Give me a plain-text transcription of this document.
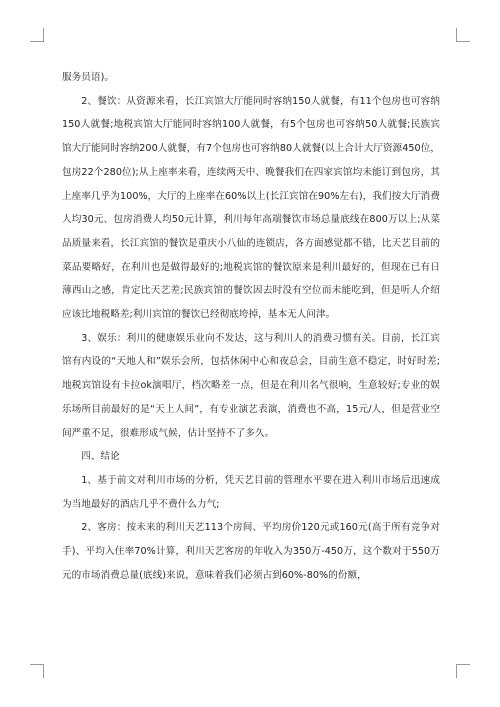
服务员语)。

2、餐饮：从资源来看，长江宾馆大厅能同时容纳150人就餐，有11个包房也可容纳150人就餐;地税宾馆大厅能同时容纳100人就餐，有5个包房也可容纳50人就餐;民族宾馆大厅能同时容纳200人就餐，有7个包房也可容纳80人就餐(以上合计大厅资源450位，包房22个280位);从上座率来看，连续两天中、晚餐我们在四家宾馆均未能订到包房，其上座率几乎为100%，大厅的上座率在60%以上(长江宾馆在90%左右)，我们按大厅消费人均30元、包房消费人均50元计算，利川每年高端餐饮市场总量底线在800万以上;从菜品质量来看，长江宾馆的餐饮是重庆小八仙的连锁店，各方面感觉都不错，比天艺目前的菜品要略好，在利川也是做得最好的;地税宾馆的餐饮原来是利川最好的，但现在已有日薄西山之感，肯定比天艺差;民族宾馆的餐饮因去时没有空位而未能吃到，但是听人介绍应该比地税略差;利川宾馆的餐饮已经彻底垮掉，基本无人问津。

3、娱乐：利川的健康娱乐业向不发达，这与利川人的消费习惯有关。目前，长江宾馆有内设的“天地人和”娱乐会所，包括休闲中心和夜总会，目前生意不稳定，时好时差;地税宾馆设有卡拉ok演唱厅，档次略差一点，但是在利川名气很响，生意较好;专业的娱乐场所目前最好的是“天上人间”，有专业演艺表演，消费也不高，15元/人，但是营业空间严重不足，很难形成气候，估计坚持不了多久。

四、结论

1、基于前文对利川市场的分析，凭天艺目前的管理水平要在进入利川市场后迅速成为当地最好的酒店几乎不费什么力气;

2、客房：按未来的利川天艺113个房间、平均房价120元或160元(高于所有竞争对手)、平均入住率70%计算，利川天艺客房的年收入为350万-450万，这个数对于550万元的市场消费总量(底线)来说，意味着我们必须占到60%-80%的份额，
